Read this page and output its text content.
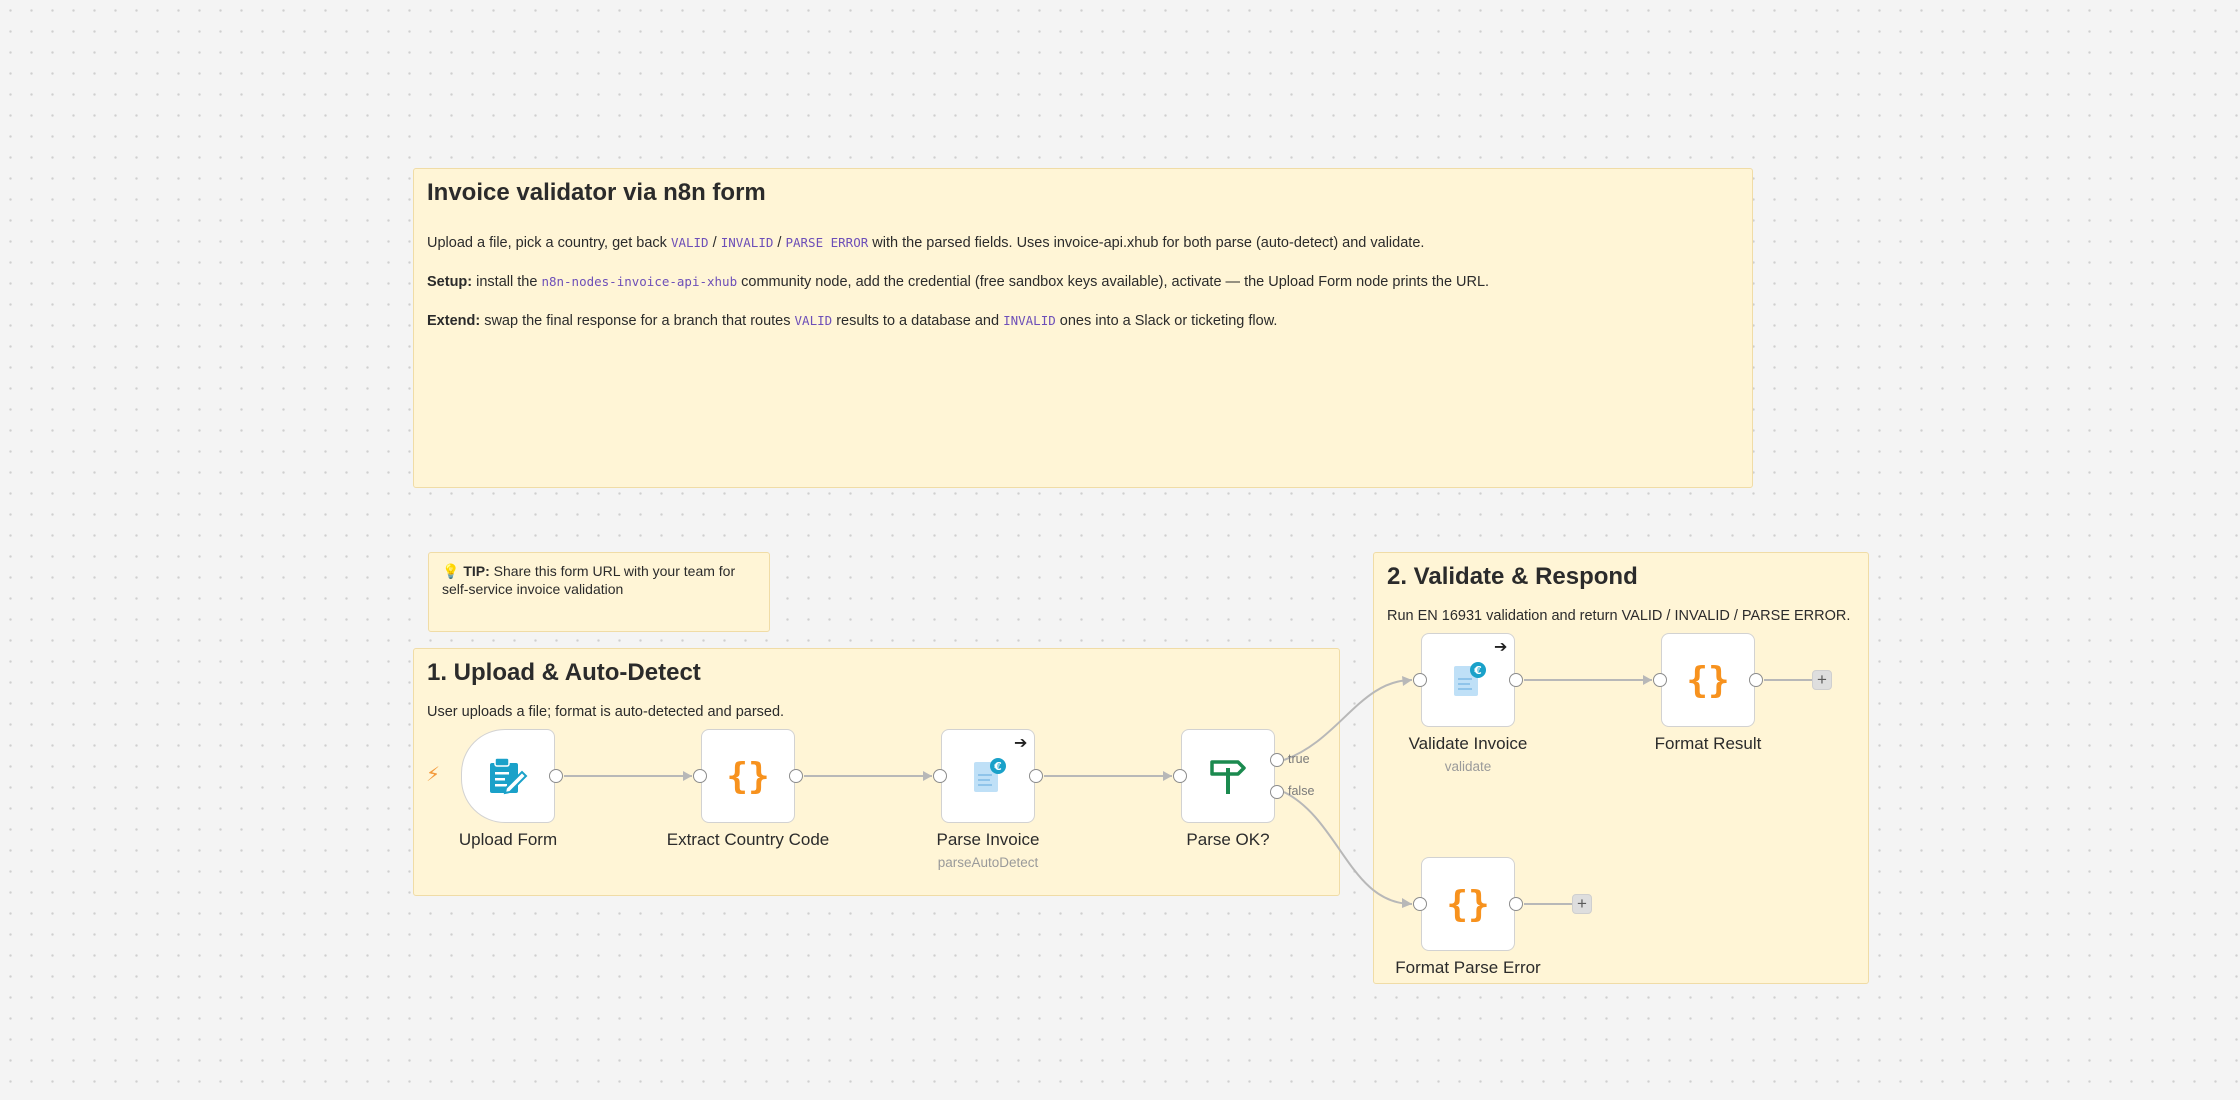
Invoice validator via n8n form

Upload a file, pick a country, get back VALID / INVALID / PARSE ERROR with the parsed fields. Uses invoice-api.xhub for both parse (auto-detect) and validate.

Setup: install the n8n-nodes-invoice-api-xhub community node, add the credential (free sandbox keys available), activate — the Upload Form node prints the URL.

Extend: swap the final response for a branch that routes VALID results to a database and INVALID ones into a Slack or ticketing flow.

💡 TIP: Share this form URL with your team for self-service invoice validation
1. Upload & Auto-Detect

User uploads a file; format is auto-detected and parsed.

2. Validate & Respond

Run EN 16931 validation and return VALID / INVALID / PARSE ERROR.

⚡
Upload Form
{}
Extract Country Code
€
➔
Parse Invoice
parseAutoDetect
true
false
Parse OK?
€
➔
Validate Invoice
validate
{}	+
Format Result
{}	+
Format Parse Error
